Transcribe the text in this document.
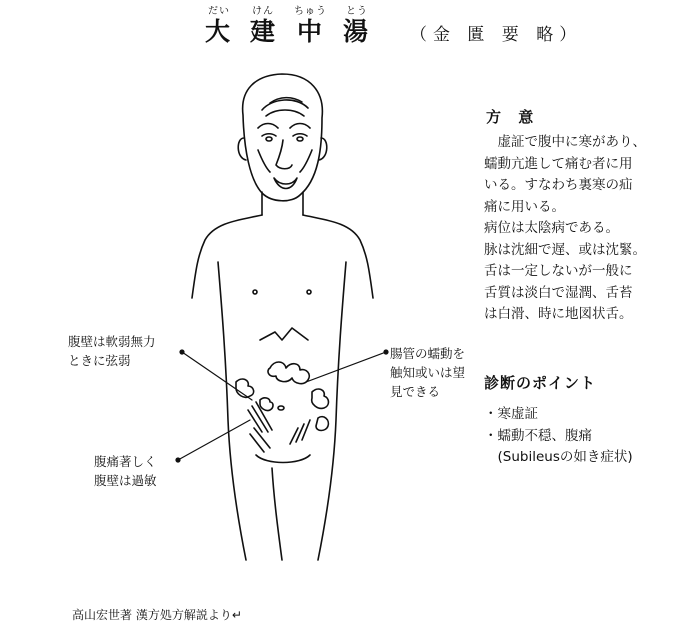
だい けん ちゅう とう
大 建 中 湯 （金 匱 要 略）
腹壁は軟弱無力
ときに弦弱
腹痛著しく
腹壁は過敏
腸管の蠕動を
触知或いは望
見できる
方 意
　虚証で腹中に寒があり、
蠕動亢進して痛む者に用
いる。すなわち裏寒の疝
痛に用いる。
病位は太陰病である。
脉は沈細で遅、或は沈緊。
舌は一定しないが一般に
舌質は淡白で湿潤、舌苔
は白滑、時に地図状舌。
診断のポイント
・寒虚証
・蠕動不穏、腹痛
　(Subileusの如き症状)
高山宏世著 漢方処方解説より↵
